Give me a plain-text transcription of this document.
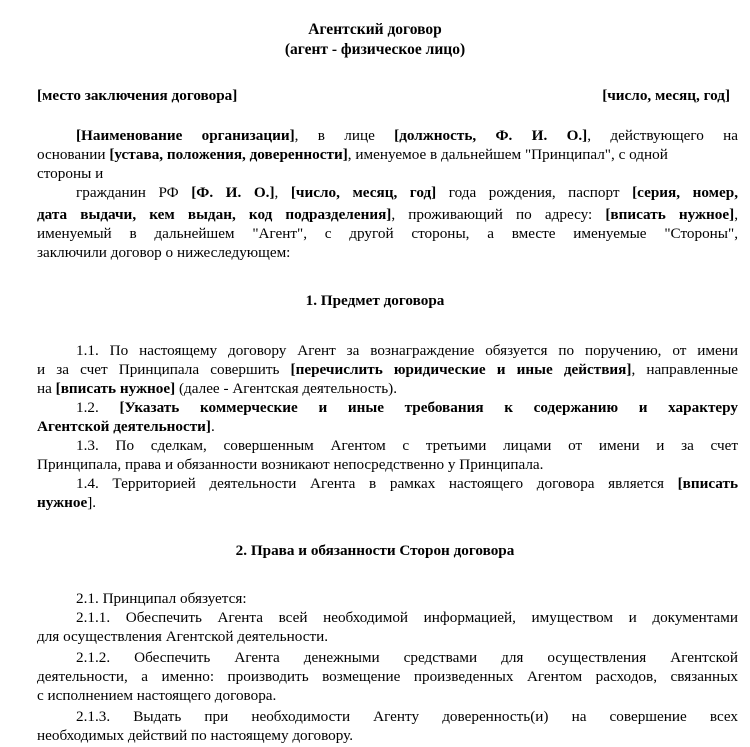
Агентский договор
(агент - физическое лицо)
[место заключения договора]	[число, месяц, год]
[Наименование организации], в лице [должность, Ф. И. О.], действующего на
основании [устава, положения, доверенности], именуемое в дальнейшем "Принципал", с одной
стороны и
гражданин РФ [Ф. И. О.], [число, месяц, год] года рождения, паспорт [серия, номер,
дата выдачи, кем выдан, код подразделения], проживающий по адресу: [вписать нужное],
именуемый в дальнейшем "Агент", с другой стороны, а вместе именуемые "Стороны",
заключили договор о нижеследующем:
1. Предмет договора
1.1. По настоящему договору Агент за вознаграждение обязуется по поручению, от имени
и за счет Принципала совершить [перечислить юридические и иные действия], направленные
на [вписать нужное] (далее - Агентская деятельность).
1.2. [Указать коммерческие и иные требования к содержанию и характеру
Агентской деятельности].
1.3. По сделкам, совершенным Агентом с третьими лицами от имени и за счет
Принципала, права и обязанности возникают непосредственно у Принципала.
1.4. Территорией деятельности Агента в рамках настоящего договора является [вписать
нужное].
2. Права и обязанности Сторон договора
2.1. Принципал обязуется:
2.1.1. Обеспечить Агента всей необходимой информацией, имуществом и документами
для осуществления Агентской деятельности.
2.1.2. Обеспечить Агента денежными средствами для осуществления Агентской
деятельности, а именно: производить возмещение произведенных Агентом расходов, связанных
с исполнением настоящего договора.
2.1.3. Выдать при необходимости Агенту доверенность(и) на совершение всех
необходимых действий по настоящему договору.
